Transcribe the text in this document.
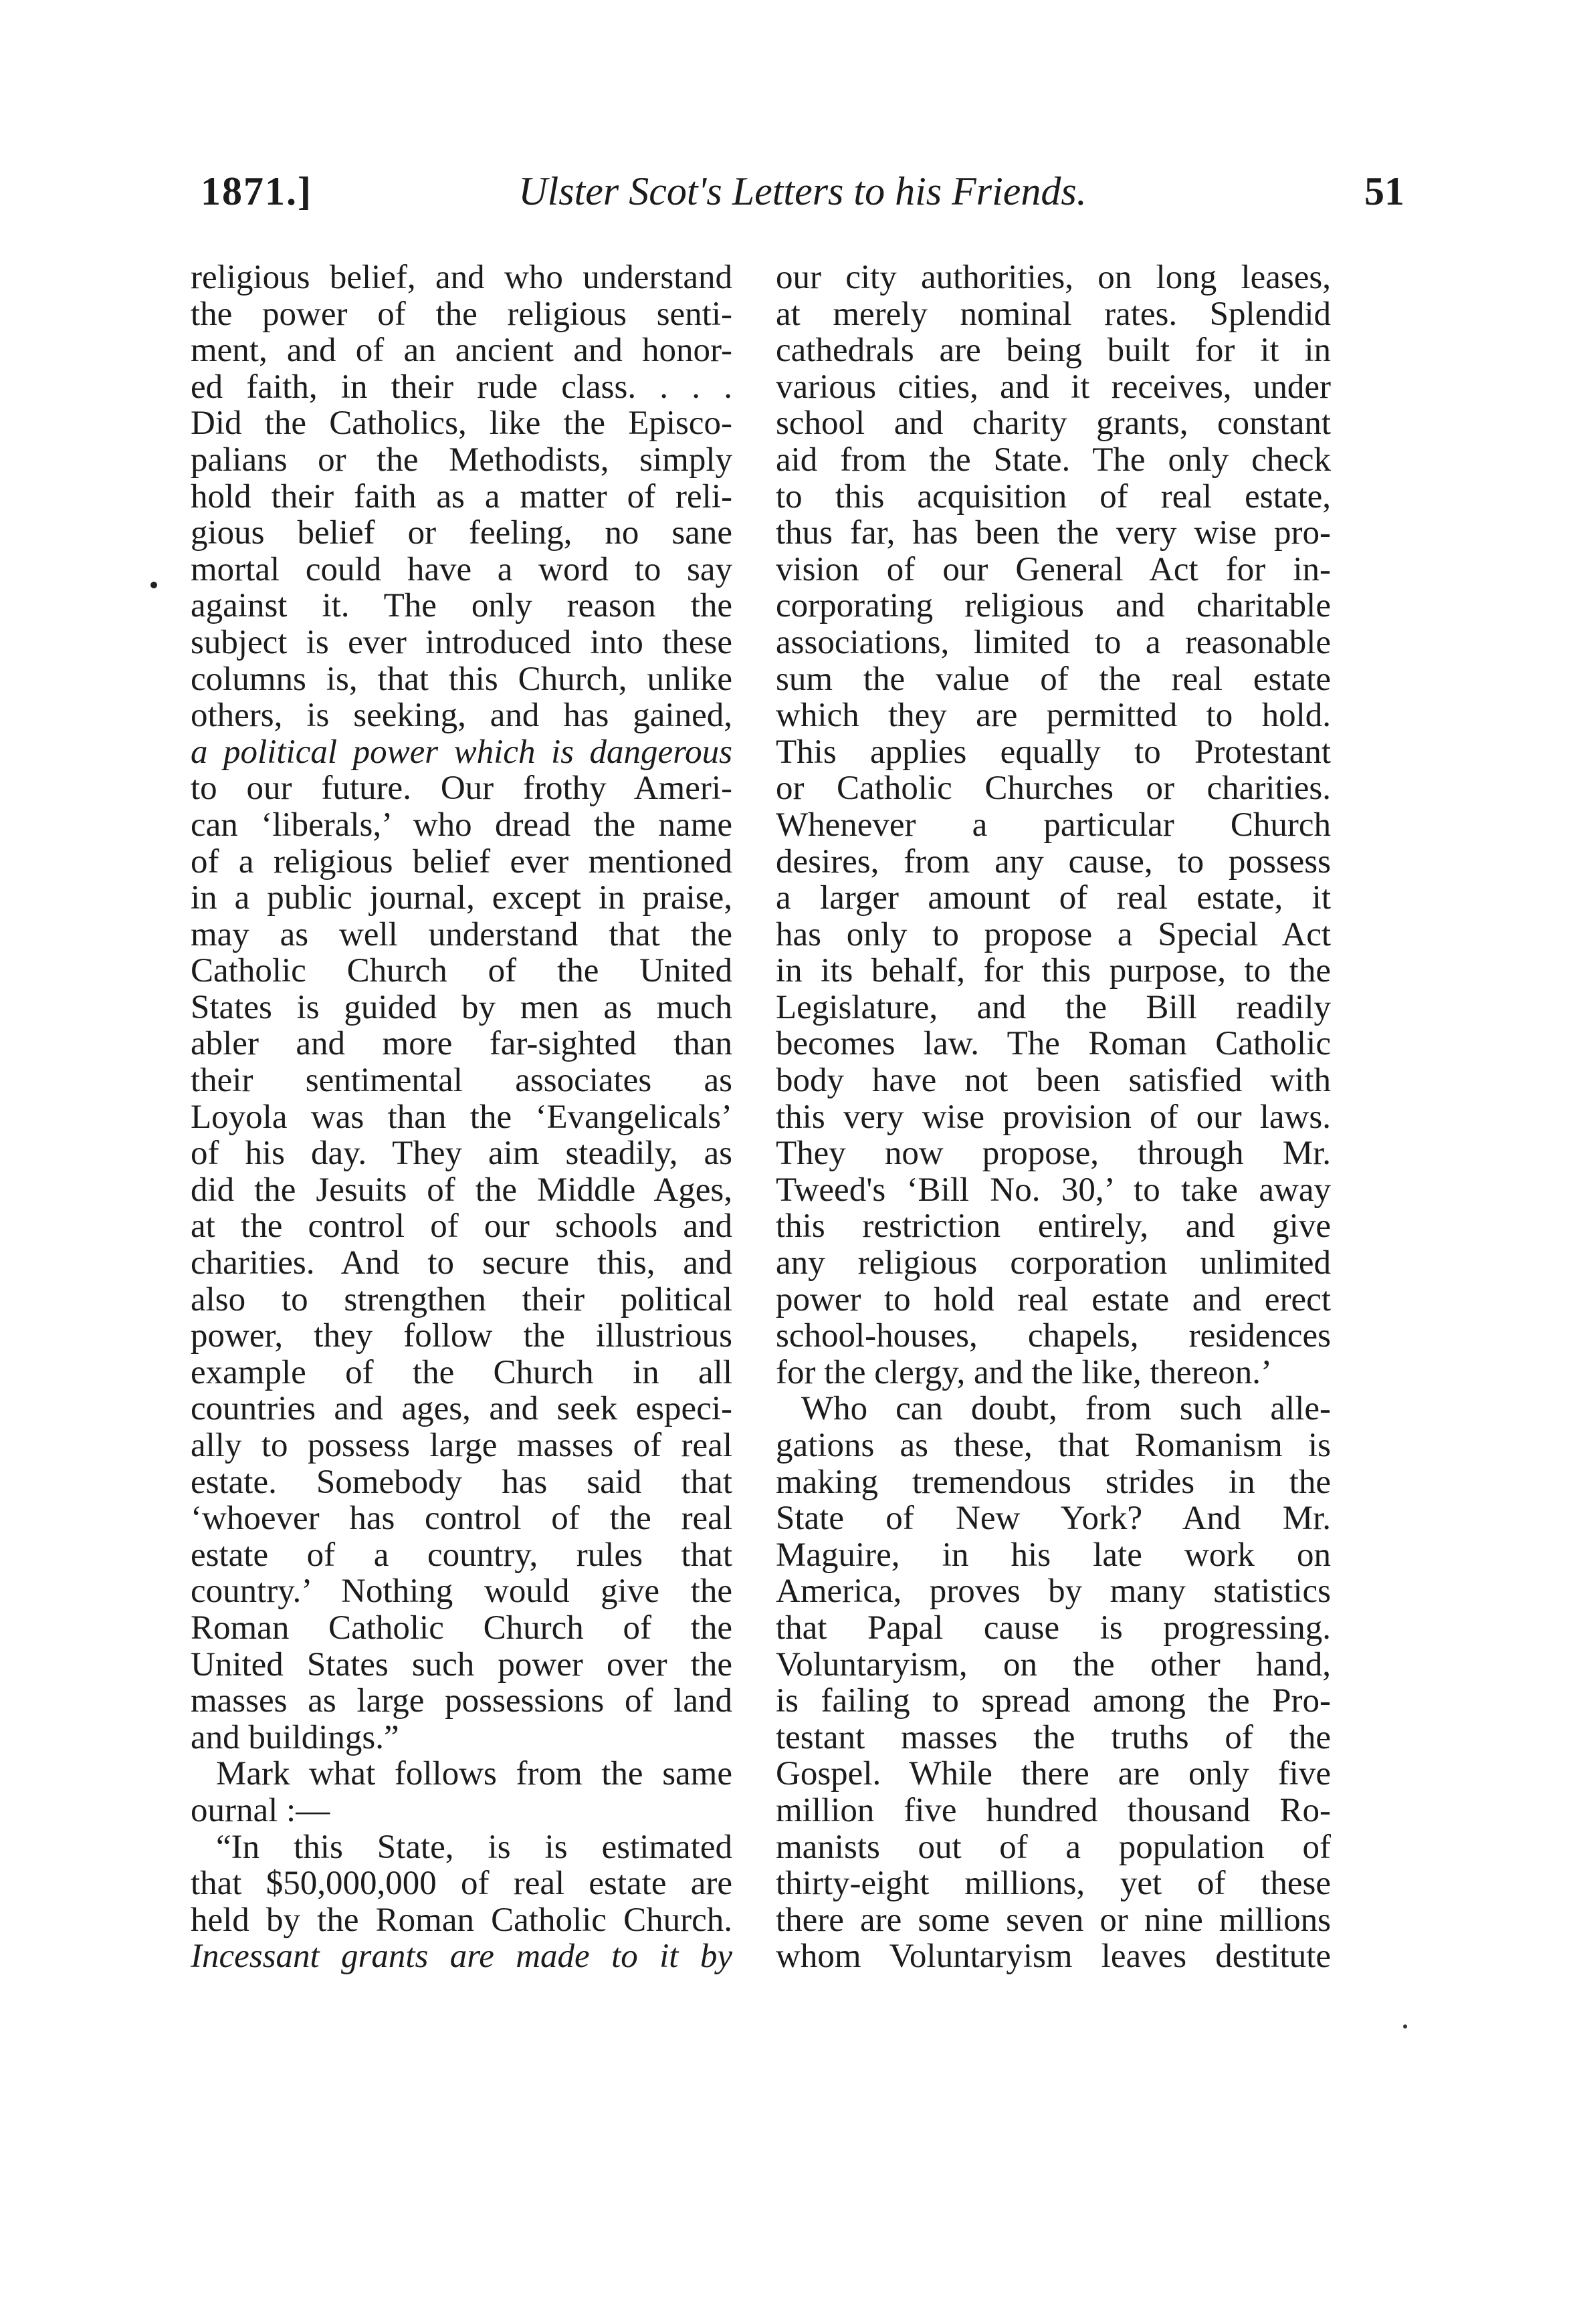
1871.]	Ulster Scot's Letters to his Friends.	51
religious belief, and who understand
the power of the religious senti-
ment, and of an ancient and honor-
ed faith, in their rude class. . . .
Did the Catholics, like the Episco-
palians or the Methodists, simply
hold their faith as a matter of reli-
gious belief or feeling, no sane
mortal could have a word to say
against it. The only reason the
subject is ever introduced into these
columns is, that this Church, unlike
others, is seeking, and has gained,
a political power which is dangerous
to our future. Our frothy Ameri-
can ‘liberals,’ who dread the name
of a religious belief ever mentioned
in a public journal, except in praise,
may as well understand that the
Catholic Church of the United
States is guided by men as much
abler and more far-sighted than
their sentimental associates as
Loyola was than the ‘Evangelicals’
of his day. They aim steadily, as
did the Jesuits of the Middle Ages,
at the control of our schools and
charities. And to secure this, and
also to strengthen their political
power, they follow the illustrious
example of the Church in all
countries and ages, and seek especi-
ally to possess large masses of real
estate. Somebody has said that
‘whoever has control of the real
estate of a country, rules that
country.’ Nothing would give the
Roman Catholic Church of the
United States such power over the
masses as large possessions of land
and buildings.”
Mark what follows from the same
ournal :—
“In this State, is is estimated
that $50,000,000 of real estate are
held by the Roman Catholic Church.
Incessant grants are made to it by
our city authorities, on long leases,
at merely nominal rates. Splendid
cathedrals are being built for it in
various cities, and it receives, under
school and charity grants, constant
aid from the State. The only check
to this acquisition of real estate,
thus far, has been the very wise pro-
vision of our General Act for in-
corporating religious and charitable
associations, limited to a reasonable
sum the value of the real estate
which they are permitted to hold.
This applies equally to Protestant
or Catholic Churches or charities.
Whenever a particular Church
desires, from any cause, to possess
a larger amount of real estate, it
has only to propose a Special Act
in its behalf, for this purpose, to the
Legislature, and the Bill readily
becomes law. The Roman Catholic
body have not been satisfied with
this very wise provision of our laws.
They now propose, through Mr.
Tweed's ‘Bill No. 30,’ to take away
this restriction entirely, and give
any religious corporation unlimited
power to hold real estate and erect
school-houses, chapels, residences
for the clergy, and the like, thereon.’
Who can doubt, from such alle-
gations as these, that Romanism is
making tremendous strides in the
State of New York? And Mr.
Maguire, in his late work on
America, proves by many statistics
that Papal cause is progressing.
Voluntaryism, on the other hand,
is failing to spread among the Pro-
testant masses the truths of the
Gospel. While there are only five
million five hundred thousand Ro-
manists out of a population of
thirty-eight millions, yet of these
there are some seven or nine millions
whom Voluntaryism leaves destitute
